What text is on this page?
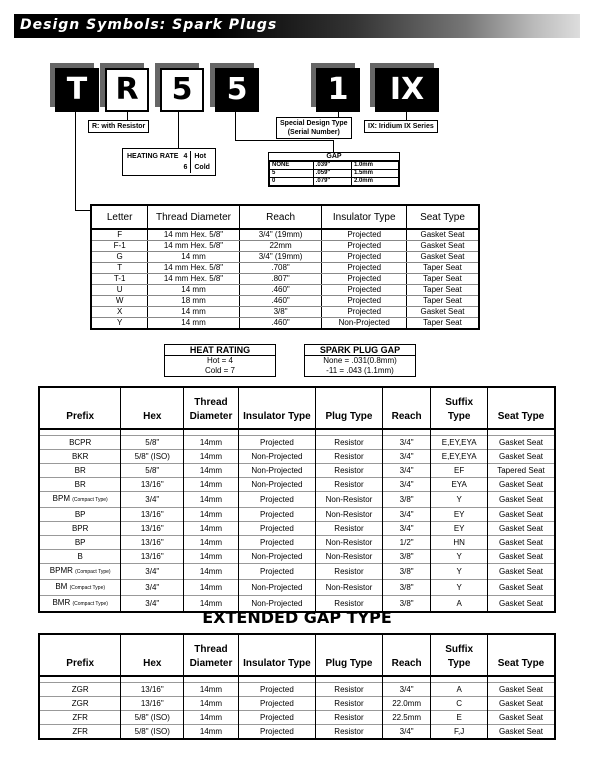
Design Symbols: Spark Plugs
T R	5	5	1	IX
R: with Resistor	Special Design Type
(Serial Number)
IX: Iridium IX Series
HEATING RATE	4	Hot
	6	Cold
GAP
NONE	.039"	1.0mm
5	.059"	1.5mm
0	.079"	2.0mm
Letter	Thread Diameter	Reach	Insulator Type	Seat Type
F	14 mm Hex. 5/8"	3/4" (19mm)	Projected	Gasket Seat
F-1	14 mm Hex. 5/8"	22mm	Projected	Gasket Seat
G	14 mm	3/4" (19mm)	Projected	Gasket Seat
T	14 mm Hex. 5/8"	.708"	Projected	Taper Seat
T-1	14 mm Hex. 5/8"	.807"	Projected	Taper Seat
U	14 mm	.460"	Projected	Taper Seat
W	18 mm	.460"	Projected	Taper Seat
X	14 mm	3/8"	Projected	Gasket Seat
Y	14 mm	.460"	Non-Projected	Taper Seat
HEAT RATING
Hot = 4
Cold = 7
SPARK PLUG GAP
None = .031(0.8mm)
-11 = .043 (1.1mm)
Prefix	Hex	Thread Diameter	Insulator Type	Plug Type	Reach	Suffix Type	Seat Type

BCPR	5/8"	14mm	Projected	Resistor	3/4"	E,EY,EYA	Gasket Seat
BKR	5/8" (ISO)	14mm	Non-Projected	Resistor	3/4"	E,EY,EYA	Gasket Seat
BR	5/8"	14mm	Non-Projected	Resistor	3/4"	EF	Tapered Seat
BR	13/16"	14mm	Non-Projected	Resistor	3/4"	EYA	Gasket Seat
BPM (Compact Type)	3/4"	14mm	Projected	Non-Resistor	3/8"	Y	Gasket Seat
BP	13/16"	14mm	Projected	Non-Resistor	3/4"	EY	Gasket Seat
BPR	13/16"	14mm	Projected	Resistor	3/4"	EY	Gasket Seat
BP	13/16"	14mm	Projected	Non-Resistor	1/2"	HN	Gasket Seat
B	13/16"	14mm	Non-Projected	Non-Resistor	3/8"	Y	Gasket Seat
BPMR (Compact Type)	3/4"	14mm	Projected	Resistor	3/8"	Y	Gasket Seat
BM (Compact Type)	3/4"	14mm	Non-Projected	Non-Resistor	3/8"	Y	Gasket Seat
BMR (Compact Type)	3/4"	14mm	Non-Projected	Resistor	3/8"	A	Gasket Seat
EXTENDED GAP TYPE
Prefix	Hex	Thread Diameter	Insulator Type	Plug Type	Reach	Suffix Type	Seat Type

ZGR	13/16"	14mm	Projected	Resistor	3/4"	A	Gasket Seat
ZGR	13/16"	14mm	Projected	Resistor	22.0mm	C	Gasket Seat
ZFR	5/8" (ISO)	14mm	Projected	Resistor	22.5mm	E	Gasket Seat
ZFR	5/8" (ISO)	14mm	Projected	Resistor	3/4"	F,J	Gasket Seat
